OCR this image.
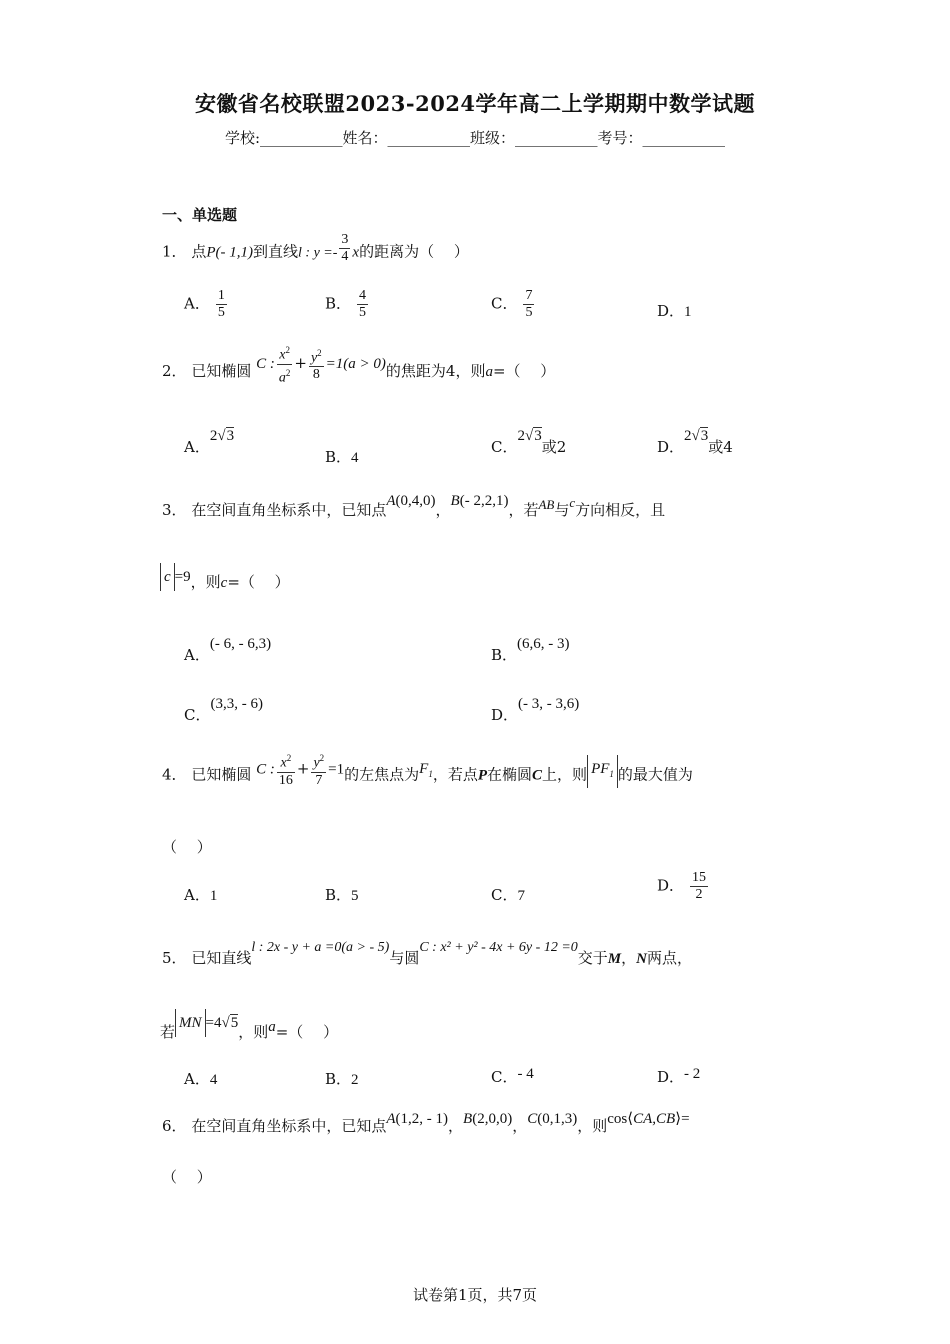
安徽省名校联盟2023-2024学年高二上学期期中数学试题
学校:___________姓名：___________班级：___________考号：___________
一、单选题
1． 点P(- 1,1)到直线l : $y =- \frac{3}{4}$ x的距离为（　 ）
A． $\frac{1}{5}$	B． $\frac{4}{5}$	C． $\frac{7}{5}$	D．1
2． 已知椭圆 C : $\frac{x^2}{a^2} + \frac{y^2}{8} =1(a > 0)$的焦距为4，则a=（　 ）
A．2√3
B．4
C．2√3或2	D．2√3或4
3． 在空间直角坐标系中，已知点A(0,4,0)，B(- 2,2,1)，若AB与c方向相反，且
c =9，则c=（　 ）
A．(- 6, - 6,3)
B．(6,6, - 3)
C．(3,3, - 6)
D．(- 3, - 3,6)
4． 已知椭圆 C : $\frac{x^2}{16} + \frac{y^2}{7} =1$的左焦点为$F_1$，若点P在椭圆C上，则 $PF_1$ 的最大值为
（　 ）
A．1	B．5	C．7
D． $\frac{15}{2}$
5． 已知直线l : 2x - y + a =0(a > - 5)与圆C : x² + y² - 4x + 6y - 12 =0交于M，N两点，
若 MN =4√5，则a=（　 ）
A．4	B．2	C．- 4	D．- 2
6． 在空间直角坐标系中，已知点A(1,2, - 1)，B(2,0,0)，C(0,1,3)，则cos⟨CA,CB⟩=
（　 ）
试卷第1页，共7页
